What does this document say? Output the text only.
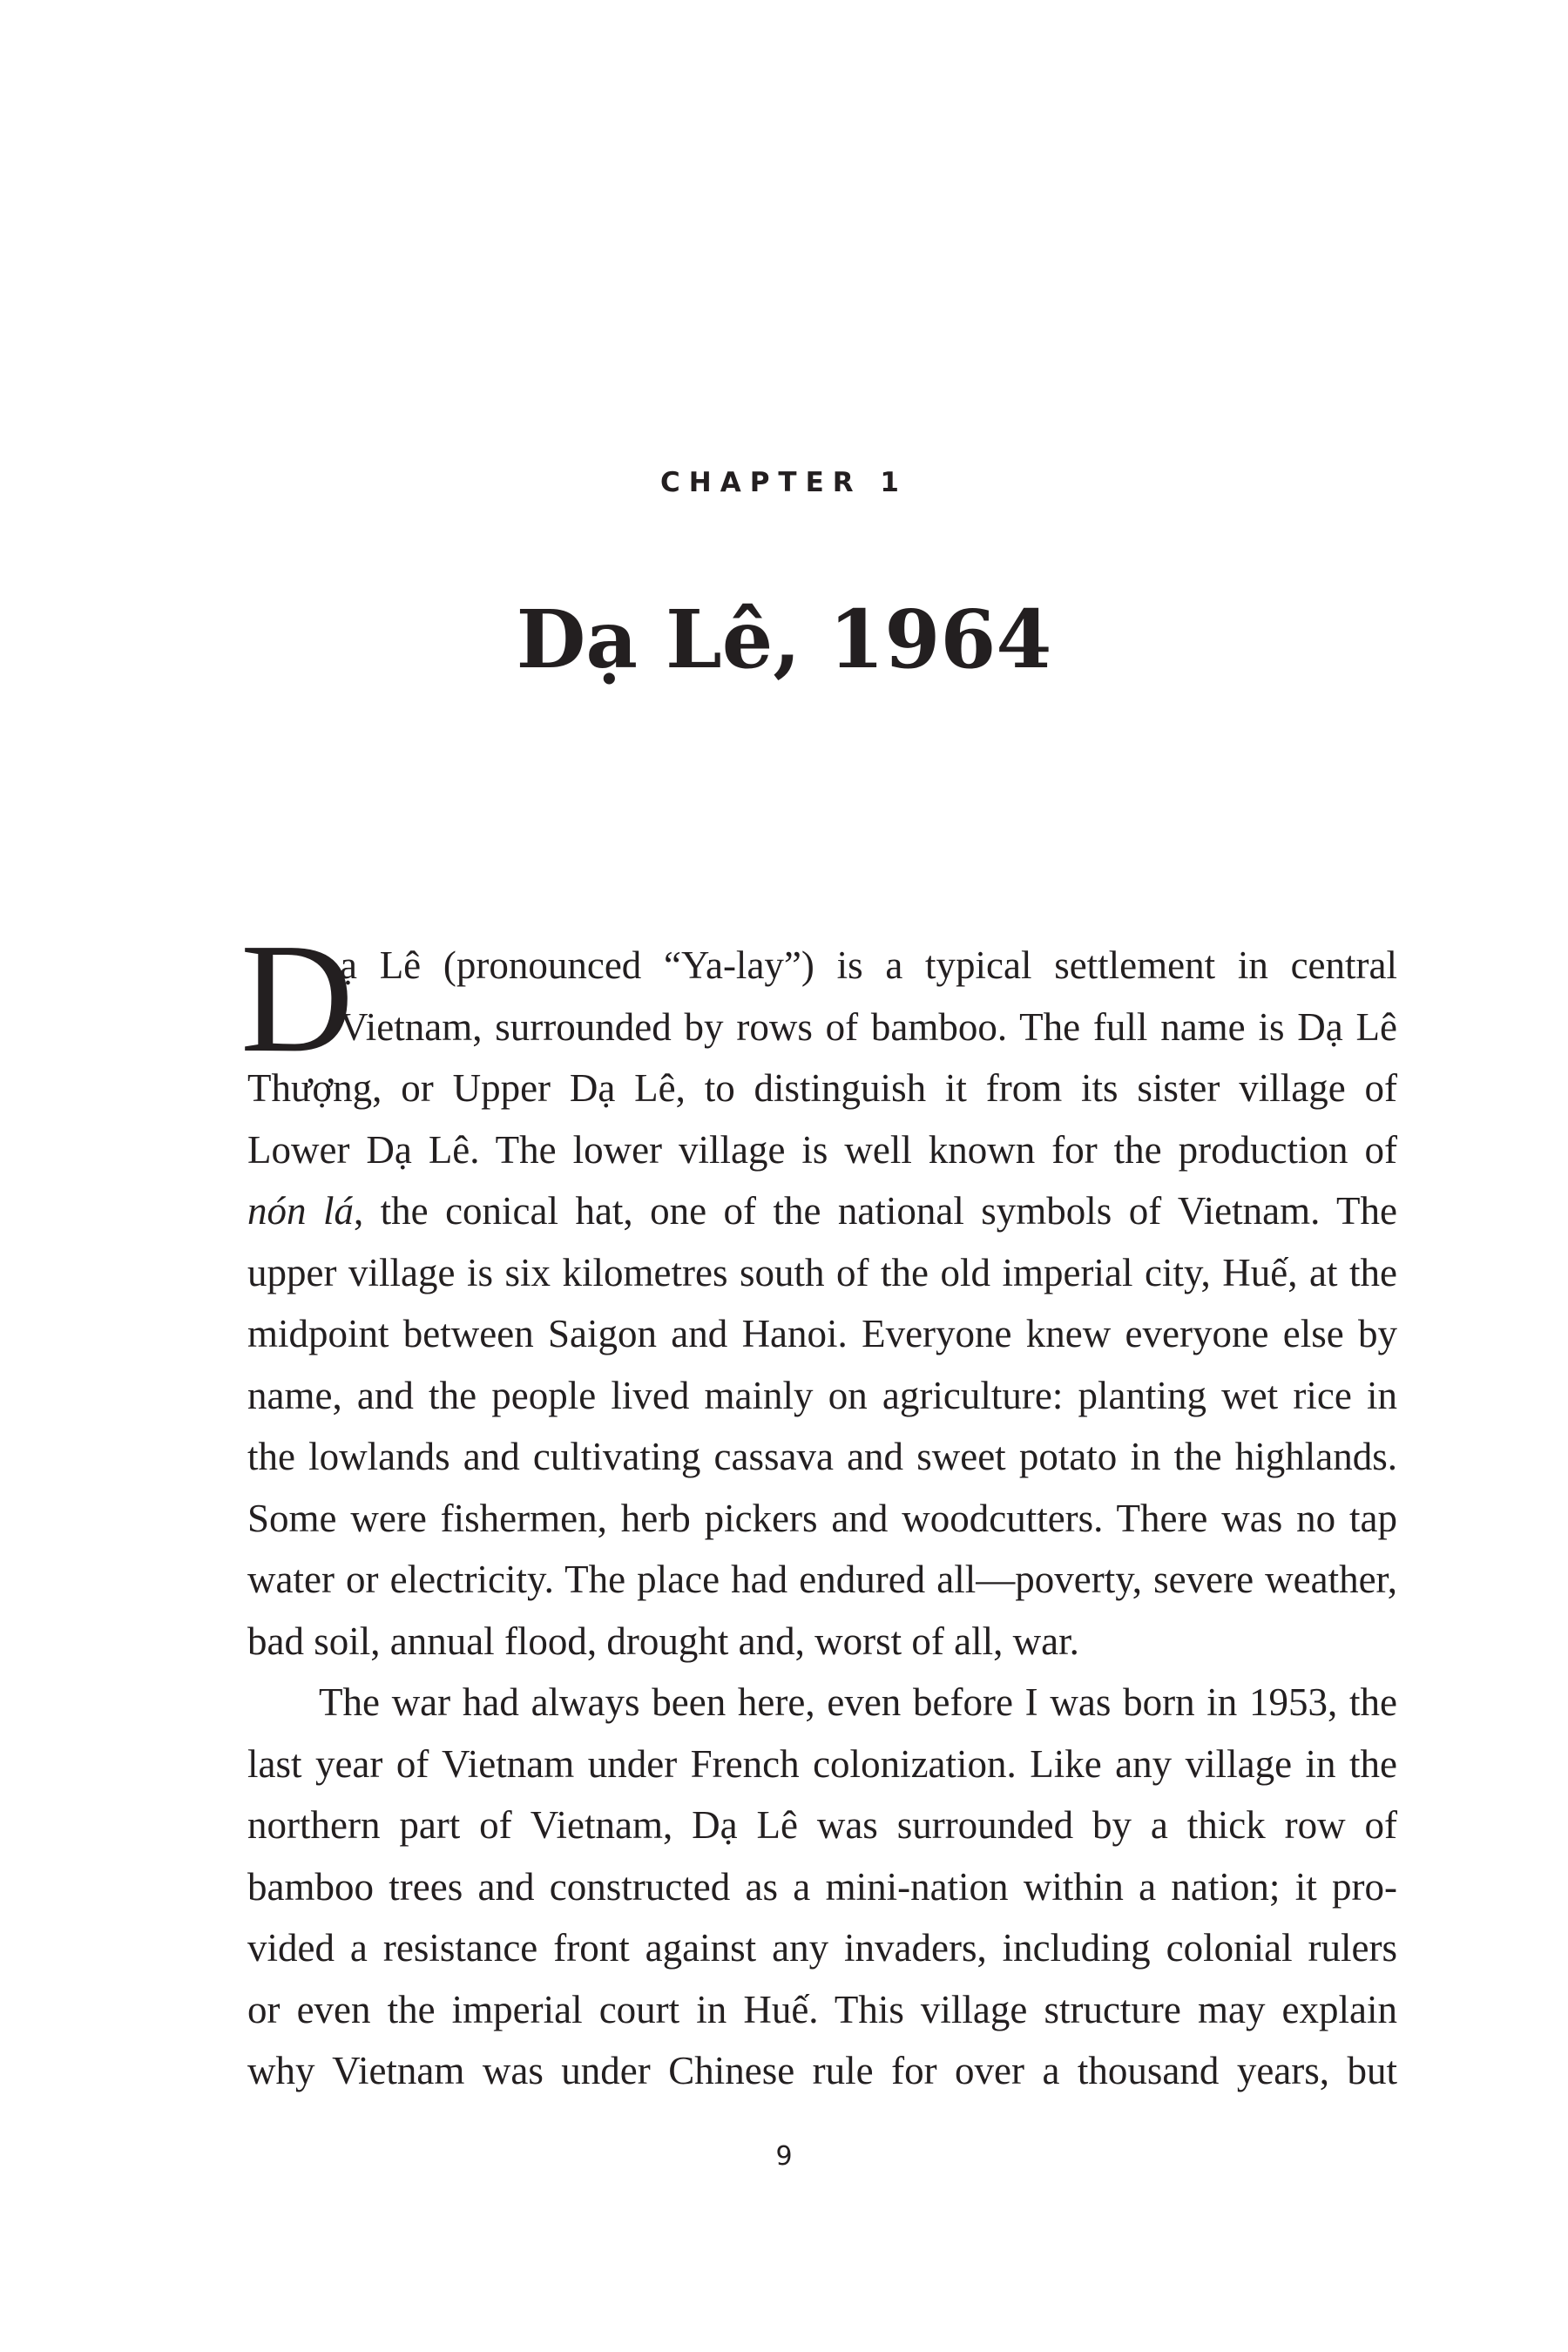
CHAPTER 1
Dạ Lê, 1964
D
ạ Lê (pronounced “Ya-lay”) is a typical settlement in central
Vietnam, surrounded by rows of bamboo. The full name is Dạ Lê
Thượng, or Upper Dạ Lê, to distinguish it from its sister village of
Lower Dạ Lê. The lower village is well known for the production of
nón lá, the conical hat, one of the national symbols of Vietnam. The
upper village is six kilometres south of the old imperial city, Huế, at the
midpoint between Saigon and Hanoi. Everyone knew everyone else by
name, and the people lived mainly on agriculture: planting wet rice in
the lowlands and cultivating cassava and sweet potato in the highlands.
Some were fishermen, herb pickers and woodcutters. There was no tap
water or electricity. The place had endured all—poverty, severe weather,
bad soil, annual flood, drought and, worst of all, war.
The war had always been here, even before I was born in 1953, the
last year of Vietnam under French colonization. Like any village in the
northern part of Vietnam, Dạ Lê was surrounded by a thick row of
bamboo trees and constructed as a mini-nation within a nation; it pro-
vided a resistance front against any invaders, including colonial rulers
or even the imperial court in Huế. This village structure may explain
why Vietnam was under Chinese rule for over a thousand years, but
9
